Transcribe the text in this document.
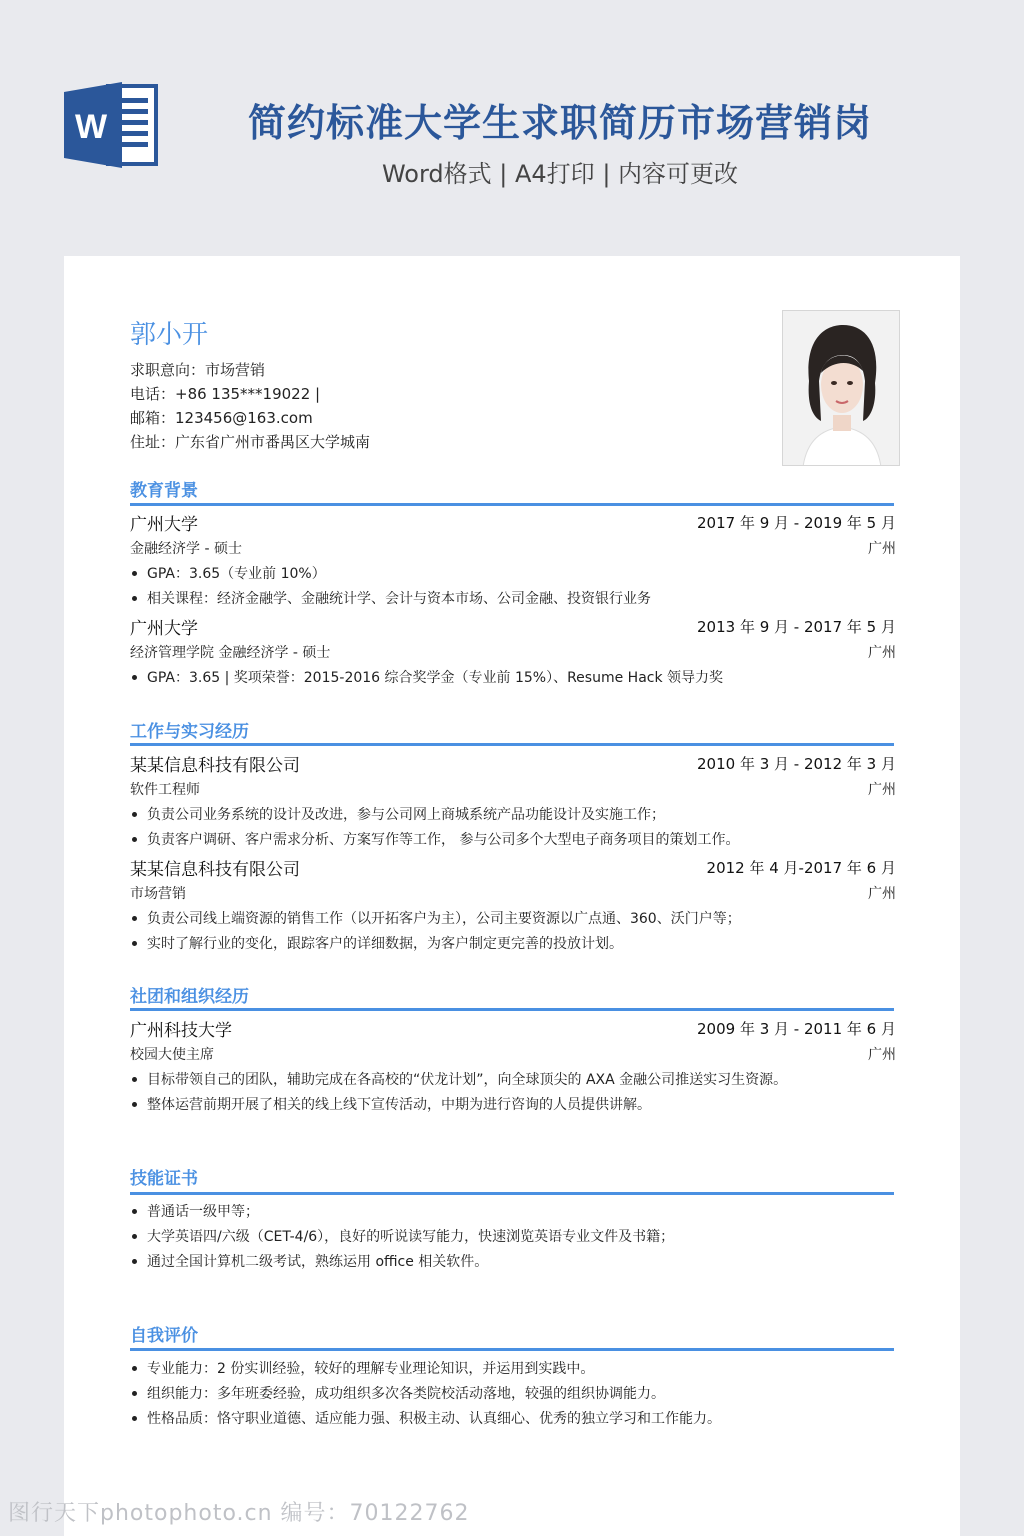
W	简约标准大学生求职简历市场营销岗
Word格式 | A4打印 | 内容可更改
郭小开
求职意向：市场营销
电话：+86 135***19022 |
邮箱：123456@163.com
住址：广东省广州市番禺区大学城南
教育背景
广州大学	2017 年 9 月 - 2019 年 5 月
金融经济学 - 硕士	广州
GPA：3.65（专业前 10%）
相关课程：经济金融学、金融统计学、会计与资本市场、公司金融、投资银行业务
广州大学	2013 年 9 月 - 2017 年 5 月
经济管理学院 金融经济学 - 硕士	广州
GPA：3.65 | 奖项荣誉：2015-2016 综合奖学金（专业前 15%）、Resume Hack 领导力奖
工作与实习经历
某某信息科技有限公司	2010 年 3 月 - 2012 年 3 月
软件工程师	广州
负责公司业务系统的设计及改进，参与公司网上商城系统产品功能设计及实施工作；
负责客户调研、客户需求分析、方案写作等工作， 参与公司多个大型电子商务项目的策划工作。
某某信息科技有限公司	2012 年 4 月-2017 年 6 月
市场营销	广州
负责公司线上端资源的销售工作（以开拓客户为主），公司主要资源以广点通、360、沃门户等；
实时了解行业的变化，跟踪客户的详细数据，为客户制定更完善的投放计划。
社团和组织经历
广州科技大学	2009 年 3 月 - 2011 年 6 月
校园大使主席	广州
目标带领自己的团队，辅助完成在各高校的“伏龙计划”，向全球顶尖的 AXA 金融公司推送实习生资源。
整体运营前期开展了相关的线上线下宣传活动，中期为进行咨询的人员提供讲解。
技能证书
普通话一级甲等；
大学英语四/六级（CET-4/6），良好的听说读写能力，快速浏览英语专业文件及书籍；
通过全国计算机二级考试，熟练运用 office 相关软件。
自我评价
专业能力：2 份实训经验，较好的理解专业理论知识，并运用到实践中。
组织能力：多年班委经验，成功组织多次各类院校活动落地，较强的组织协调能力。
性格品质：恪守职业道德、适应能力强、积极主动、认真细心、优秀的独立学习和工作能力。
图行天下photophoto.cn 编号：70122762
